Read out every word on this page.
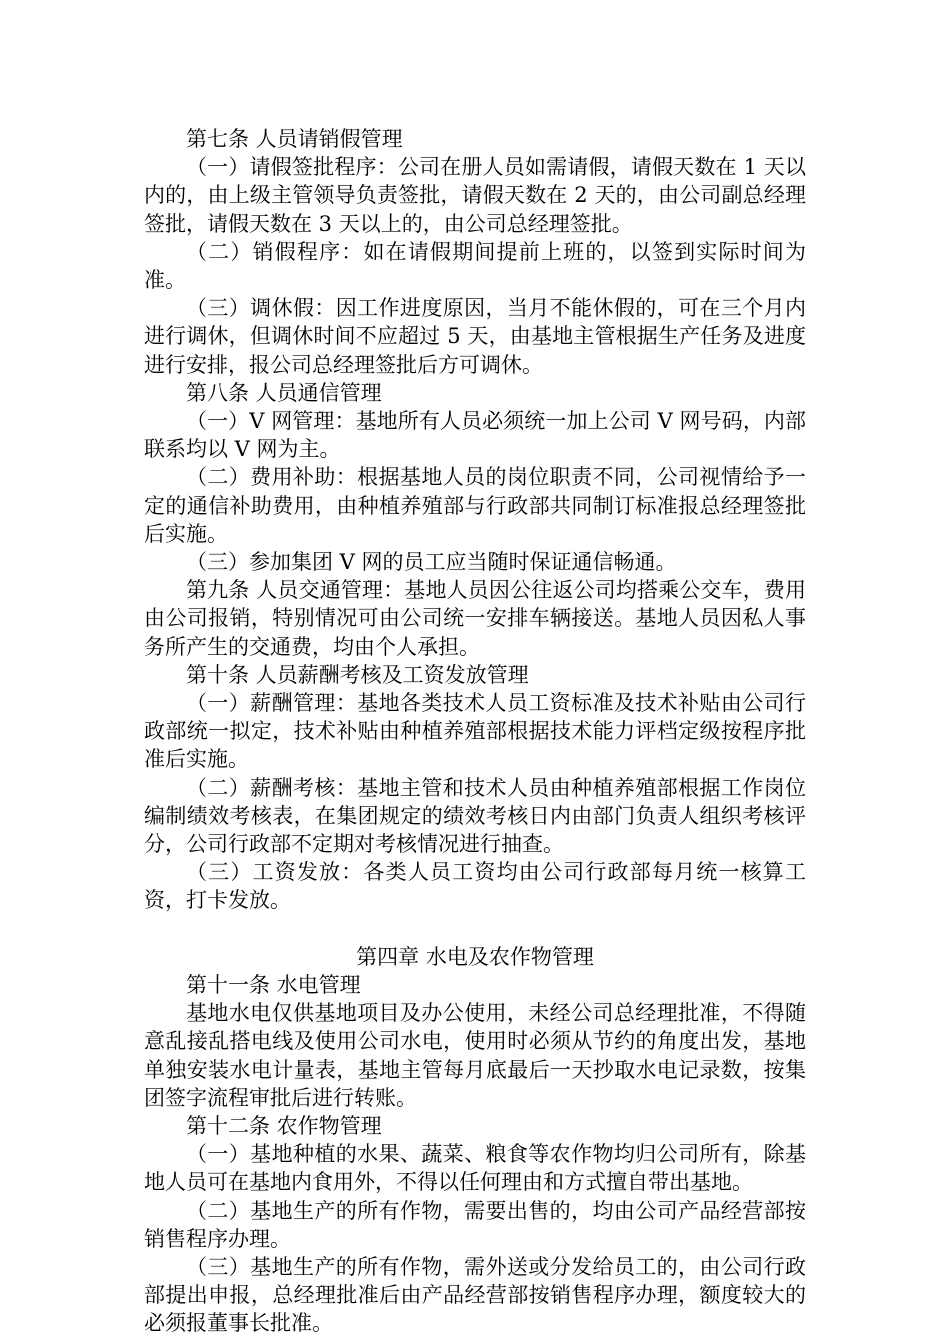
第七条 人员请销假管理

（一）请假签批程序：公司在册人员如需请假，请假天数在 1 天以内的，由上级主管领导负责签批，请假天数在 2 天的，由公司副总经理签批，请假天数在 3 天以上的，由公司总经理签批。

（二）销假程序：如在请假期间提前上班的，以签到实际时间为准。

（三）调休假：因工作进度原因，当月不能休假的，可在三个月内进行调休，但调休时间不应超过 5 天，由基地主管根据生产任务及进度进行安排，报公司总经理签批后方可调休。

第八条 人员通信管理

（一）V 网管理：基地所有人员必须统一加上公司 V 网号码，内部联系均以 V 网为主。

（二）费用补助：根据基地人员的岗位职责不同，公司视情给予一定的通信补助费用，由种植养殖部与行政部共同制订标准报总经理签批后实施。

（三）参加集团 V 网的员工应当随时保证通信畅通。

第九条 人员交通管理：基地人员因公往返公司均搭乘公交车，费用由公司报销，特别情况可由公司统一安排车辆接送。基地人员因私人事务所产生的交通费，均由个人承担。

第十条 人员薪酬考核及工资发放管理

（一）薪酬管理：基地各类技术人员工资标准及技术补贴由公司行政部统一拟定，技术补贴由种植养殖部根据技术能力评档定级按程序批准后实施。

（二）薪酬考核：基地主管和技术人员由种植养殖部根据工作岗位编制绩效考核表，在集团规定的绩效考核日内由部门负责人组织考核评分，公司行政部不定期对考核情况进行抽查。

（三）工资发放：各类人员工资均由公司行政部每月统一核算工资，打卡发放。

第四章 水电及农作物管理

第十一条 水电管理

基地水电仅供基地项目及办公使用，未经公司总经理批准，不得随意乱接乱搭电线及使用公司水电，使用时必须从节约的角度出发，基地单独安装水电计量表，基地主管每月底最后一天抄取水电记录数，按集团签字流程审批后进行转账。

第十二条 农作物管理

（一）基地种植的水果、蔬菜、粮食等农作物均归公司所有，除基地人员可在基地内食用外，不得以任何理由和方式擅自带出基地。

（二）基地生产的所有作物，需要出售的，均由公司产品经营部按销售程序办理。

（三）基地生产的所有作物，需外送或分发给员工的，由公司行政部提出申报，总经理批准后由产品经营部按销售程序办理，额度较大的必须报董事长批准。
